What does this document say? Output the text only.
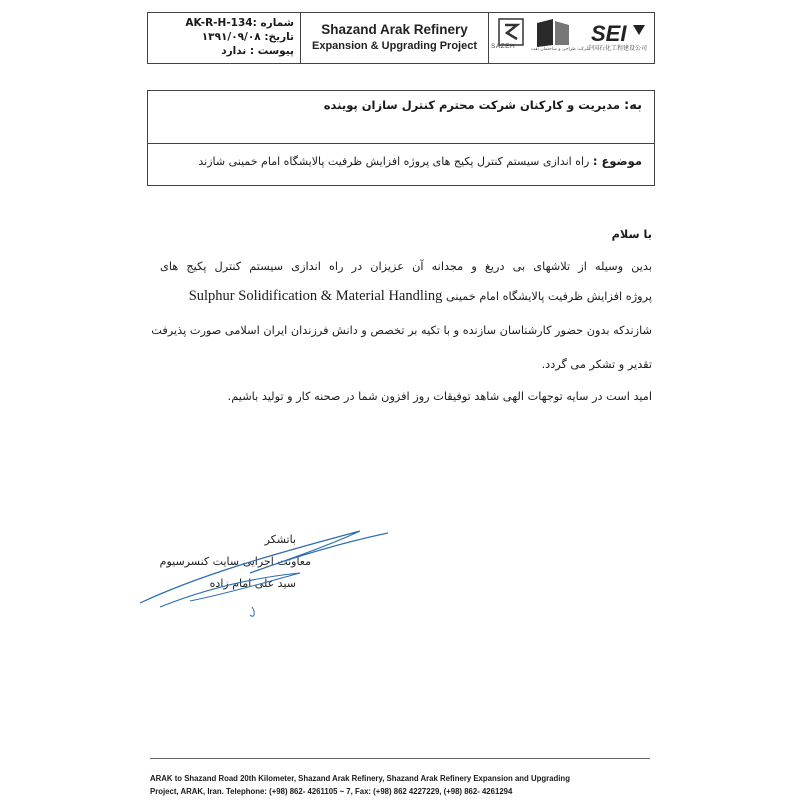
شماره :AK-R-H-134
تاریخ: ۱۳۹۱/۰۹/۰۸
پیوست : ندارد
Shazand Arak Refinery
Expansion & Upgrading Project	SAZEH	شرکت طراحی و ساختمان نفت
SEI
中国石化工程建设公司
به: مدیریت و کارکنان شرکت محترم کنترل سازان پوینده
موضوع : راه اندازی سیستم کنترل پکیج های پروژه افزایش ظرفیت پالایشگاه امام خمینی شازند
با سلام
بدین وسیله از تلاشهای بی دریغ و مجدانه آن عزیزان در راه اندازی سیستم کنترل پکیج های
پروژه افزایش ظرفیت پالایشگاه امام خمینی Sulphur Solidification & Material Handling
شازندکه بدون حضور کارشناسان سازنده و با تکیه بر تخصص و دانش فرزندان ایران اسلامی صورت پذیرفت
تقدیر و تشکر می گردد.
امید است در سایه توجهات الهی شاهد توفیقات روز افزون شما در صحنه کار و تولید باشیم.
باتشکر
معاونت اجرایی سایت کنسرسیوم
سید علی امام زاده
ARAK to Shazand Road 20th Kilometer, Shazand Arak Refinery, Shazand Arak Refinery Expansion and Upgrading
Project, ARAK, Iran. Telephone: (+98) 862- 4261105 ~ 7, Fax: (+98) 862 4227229, (+98) 862- 4261294
